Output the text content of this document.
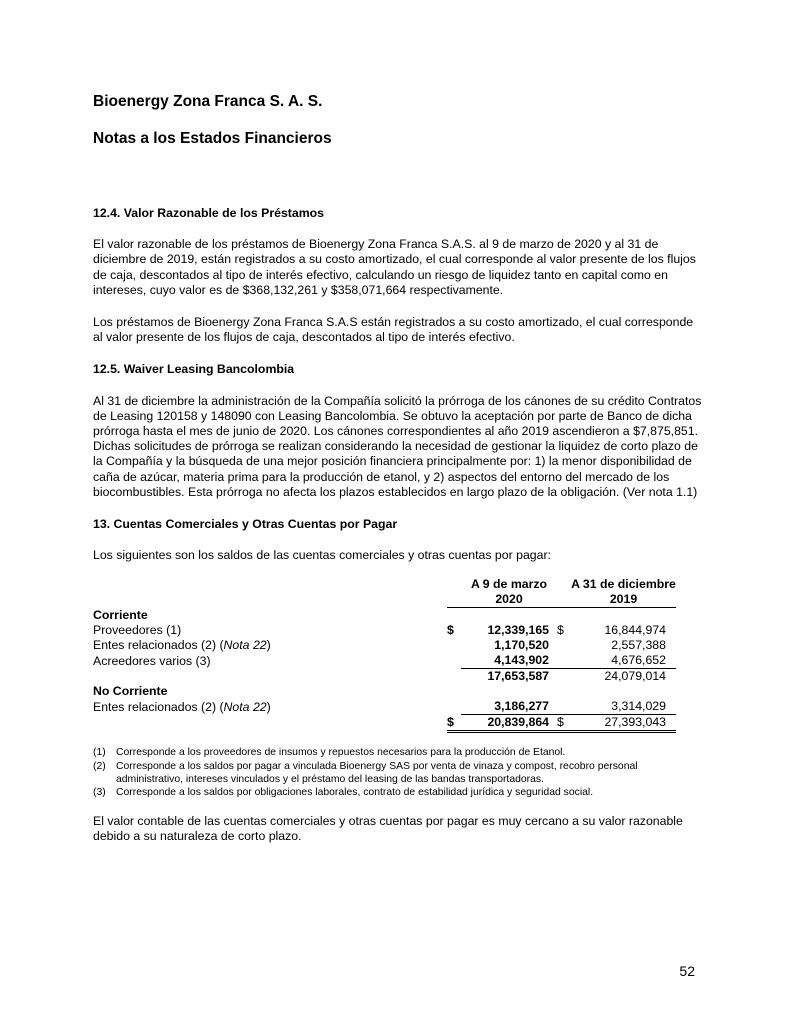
Bioenergy Zona Franca S. A. S.
Notas a los Estados Financieros

12.4. Valor Razonable de los Préstamos

El valor razonable de los préstamos de Bioenergy Zona Franca S.A.S. al 9 de marzo de 2020 y al 31 de diciembre de 2019, están registrados a su costo amortizado, el cual corresponde al valor presente de los flujos de caja, descontados al tipo de interés efectivo, calculando un riesgo de liquidez tanto en capital como en intereses, cuyo valor es de $368,132,261 y $358,071,664 respectivamente.

Los préstamos de Bioenergy Zona Franca S.A.S están registrados a su costo amortizado, el cual corresponde al valor presente de los flujos de caja, descontados al tipo de interés efectivo.

12.5. Waiver Leasing Bancolombia

Al 31 de diciembre la administración de la Compañía solicitó la prórroga de los cánones de su crédito Contratos de Leasing 120158 y 148090 con Leasing Bancolombia. Se obtuvo la aceptación por parte de Banco de dicha prórroga hasta el mes de junio de 2020. Los cánones correspondientes al año 2019 ascendieron a $7,875,851. Dichas solicitudes de prórroga se realizan considerando la necesidad de gestionar la liquidez de corto plazo de la Compañía y la búsqueda de una mejor posición financiera principalmente por: 1) la menor disponibilidad de caña de azúcar, materia prima para la producción de etanol, y 2) aspectos del entorno del mercado de los biocombustibles. Esta prórroga no afecta los plazos establecidos en largo plazo de la obligación. (Ver nota 1.1)

13. Cuentas Comerciales y Otras Cuentas por Pagar

Los siguientes son los saldos de las cuentas comerciales y otras cuentas por pagar:

		A 9 de marzo		A 31 de diciembre
		2020		2019
Corriente				
Proveedores (1)	$	12,339,165	$	16,844,974
Entes relacionados (2) (Nota 22)		1,170,520		2,557,388
Acreedores varios (3)		4,143,902		4,676,652
		17,653,587		24,079,014
No Corriente				
Entes relacionados (2) (Nota 22)		3,186,277		3,314,029
	$	20,839,864	$	27,393,043
(1) Corresponde a los proveedores de insumos y repuestos necesarios para la producción de Etanol.
(2) Corresponde a los saldos por pagar a vinculada Bioenergy SAS por venta de vinaza y compost, recobro personal administrativo, intereses vinculados y el préstamo del leasing de las bandas transportadoras.
(3) Corresponde a los saldos por obligaciones laborales, contrato de estabilidad jurídica y seguridad social.

El valor contable de las cuentas comerciales y otras cuentas por pagar es muy cercano a su valor razonable debido a su naturaleza de corto plazo.

52
